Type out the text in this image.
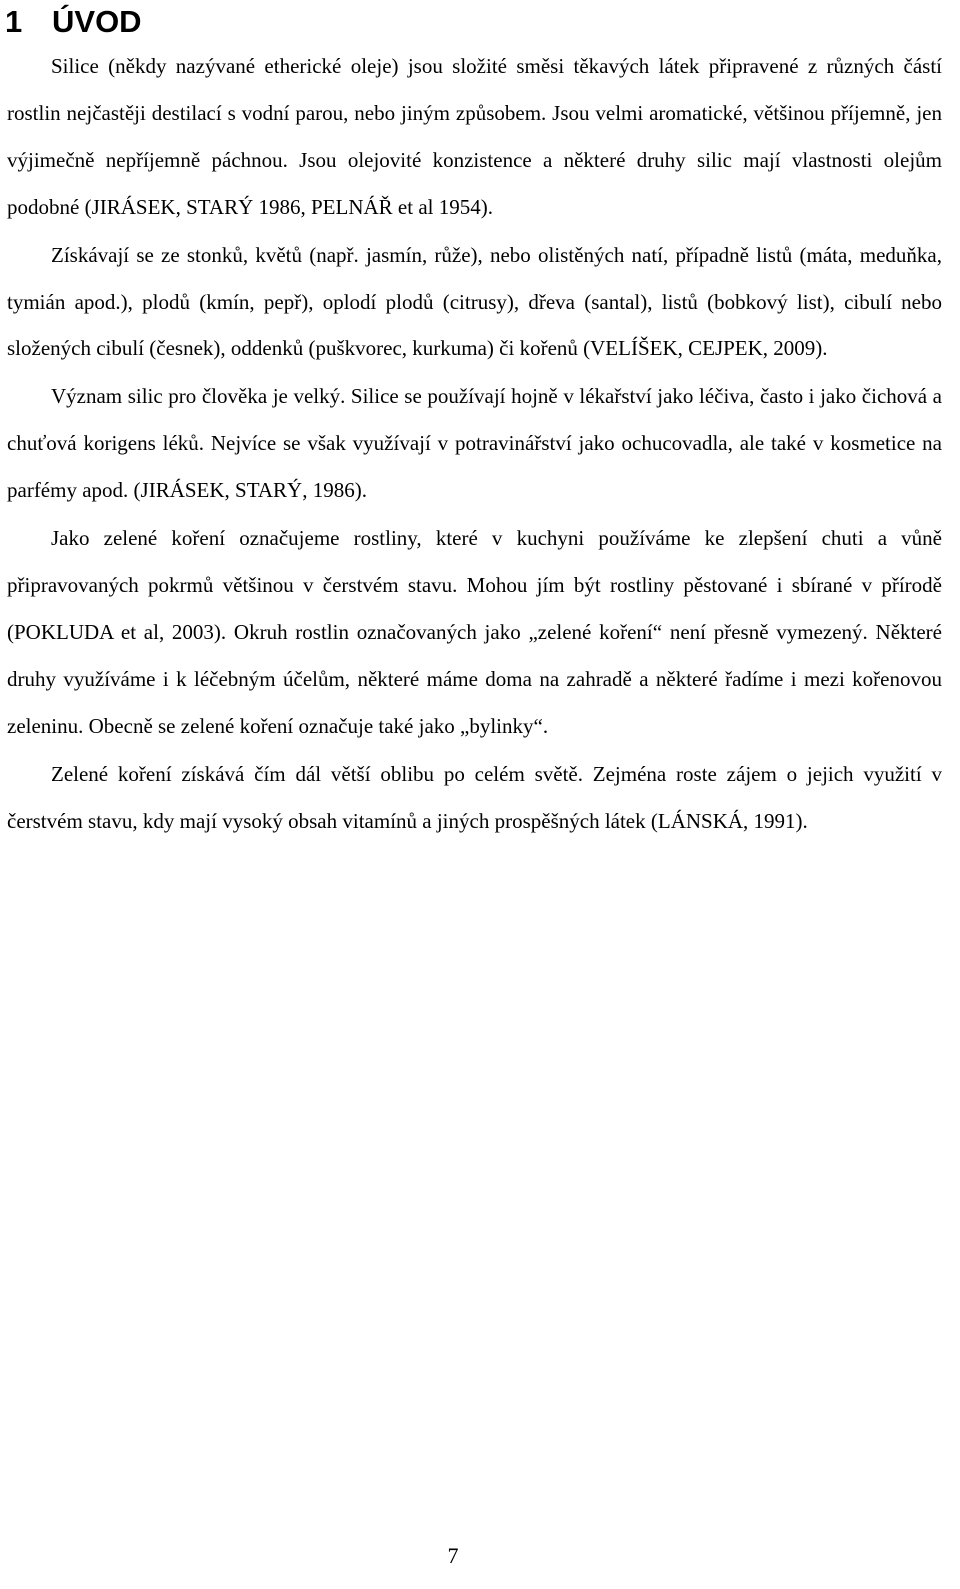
1 ÚVOD

Silice (někdy nazývané etherické oleje) jsou složité směsi těkavých látek připravené z různých částí rostlin nejčastěji destilací s vodní parou, nebo jiným způsobem. Jsou velmi aromatické, většinou příjemně, jen výjimečně nepříjemně páchnou. Jsou olejovité konzistence a některé druhy silic mají vlastnosti olejům podobné (JIRÁSEK, STARÝ 1986, PELNÁŘ et al 1954).

Získávají se ze stonků, květů (např. jasmín, růže), nebo olistěných natí, případně listů (máta, meduňka, tymián apod.), plodů (kmín, pepř), oplodí plodů (citrusy), dřeva (santal), listů (bobkový list), cibulí nebo složených cibulí (česnek), oddenků (puškvorec, kurkuma) či kořenů (VELÍŠEK, CEJPEK, 2009).

Význam silic pro člověka je velký. Silice se používají hojně v lékařství jako léčiva, často i jako čichová a chuťová korigens léků. Nejvíce se však využívají v potravinářství jako ochucovadla, ale také v kosmetice na parfémy apod. (JIRÁSEK, STARÝ, 1986).

Jako zelené koření označujeme rostliny, které v kuchyni používáme ke zlepšení chuti a vůně připravovaných pokrmů většinou v čerstvém stavu. Mohou jím být rostliny pěstované i sbírané v přírodě (POKLUDA et al, 2003). Okruh rostlin označovaných jako „zelené koření“ není přesně vymezený. Některé druhy využíváme i k léčebným účelům, některé máme doma na zahradě a některé řadíme i mezi kořenovou zeleninu. Obecně se zelené koření označuje také jako „bylinky“.

Zelené koření získává čím dál větší oblibu po celém světě. Zejména roste zájem o jejich využití v čerstvém stavu, kdy mají vysoký obsah vitamínů a jiných prospěšných látek (LÁNSKÁ, 1991).

7
